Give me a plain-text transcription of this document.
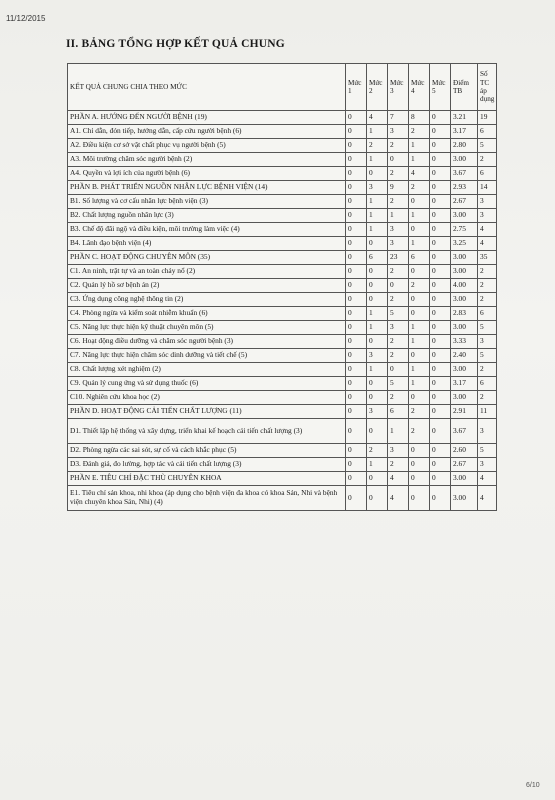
11/12/2015
II. BẢNG TỔNG HỢP KẾT QUẢ CHUNG
KẾT QUẢ CHUNG CHIA THEO MỨC	Mức 1	Mức 2	Mức 3	Mức 4	Mức 5	Điểm TB	Số TC áp dụng
PHẦN A. HƯỚNG ĐẾN NGƯỜI BỆNH (19)	0	4	7	8	0	3.21	19
A1. Chỉ dẫn, đón tiếp, hướng dẫn, cấp cứu người bệnh (6)	0	1	3	2	0	3.17	6
A2. Điều kiện cơ sở vật chất phục vụ người bệnh (5)	0	2	2	1	0	2.80	5
A3. Môi trường chăm sóc người bệnh (2)	0	1	0	1	0	3.00	2
A4. Quyền và lợi ích của người bệnh (6)	0	0	2	4	0	3.67	6
PHẦN B. PHÁT TRIỂN NGUỒN NHÂN LỰC BỆNH VIỆN (14)	0	3	9	2	0	2.93	14
B1. Số lượng và cơ cấu nhân lực bệnh viện (3)	0	1	2	0	0	2.67	3
B2. Chất lượng nguồn nhân lực (3)	0	1	1	1	0	3.00	3
B3. Chế độ đãi ngộ và điều kiện, môi trường làm việc (4)	0	1	3	0	0	2.75	4
B4. Lãnh đạo bệnh viện (4)	0	0	3	1	0	3.25	4
PHẦN C. HOẠT ĐỘNG CHUYÊN MÔN (35)	0	6	23	6	0	3.00	35
C1. An ninh, trật tự và an toàn cháy nổ (2)	0	0	2	0	0	3.00	2
C2. Quản lý hồ sơ bệnh án (2)	0	0	0	2	0	4.00	2
C3. Ứng dụng công nghệ thông tin (2)	0	0	2	0	0	3.00	2
C4. Phòng ngừa và kiểm soát nhiễm khuẩn (6)	0	1	5	0	0	2.83	6
C5. Năng lực thực hiện kỹ thuật chuyên môn (5)	0	1	3	1	0	3.00	5
C6. Hoạt động điều dưỡng và chăm sóc người bệnh (3)	0	0	2	1	0	3.33	3
C7. Năng lực thực hiện chăm sóc dinh dưỡng và tiết chế (5)	0	3	2	0	0	2.40	5
C8. Chất lượng xét nghiệm (2)	0	1	0	1	0	3.00	2
C9. Quản lý cung ứng và sử dụng thuốc (6)	0	0	5	1	0	3.17	6
C10. Nghiên cứu khoa học (2)	0	0	2	0	0	3.00	2
PHẦN D. HOẠT ĐỘNG CẢI TIẾN CHẤT LƯỢNG (11)	0	3	6	2	0	2.91	11
D1. Thiết lập hệ thống và xây dựng, triển khai kế hoạch cải tiến chất lượng (3)	0	0	1	2	0	3.67	3
D2. Phòng ngừa các sai sót, sự cố và cách khắc phục (5)	0	2	3	0	0	2.60	5
D3. Đánh giá, đo lường, hợp tác và cải tiến chất lượng (3)	0	1	2	0	0	2.67	3
PHẦN E. TIÊU CHÍ ĐẶC THÙ CHUYÊN KHOA	0	0	4	0	0	3.00	4
E1. Tiêu chí sản khoa, nhi khoa (áp dụng cho bệnh viện đa khoa có khoa Sản, Nhi và bệnh viện chuyên khoa Sản, Nhi) (4)	0	0	4	0	0	3.00	4
6/10
